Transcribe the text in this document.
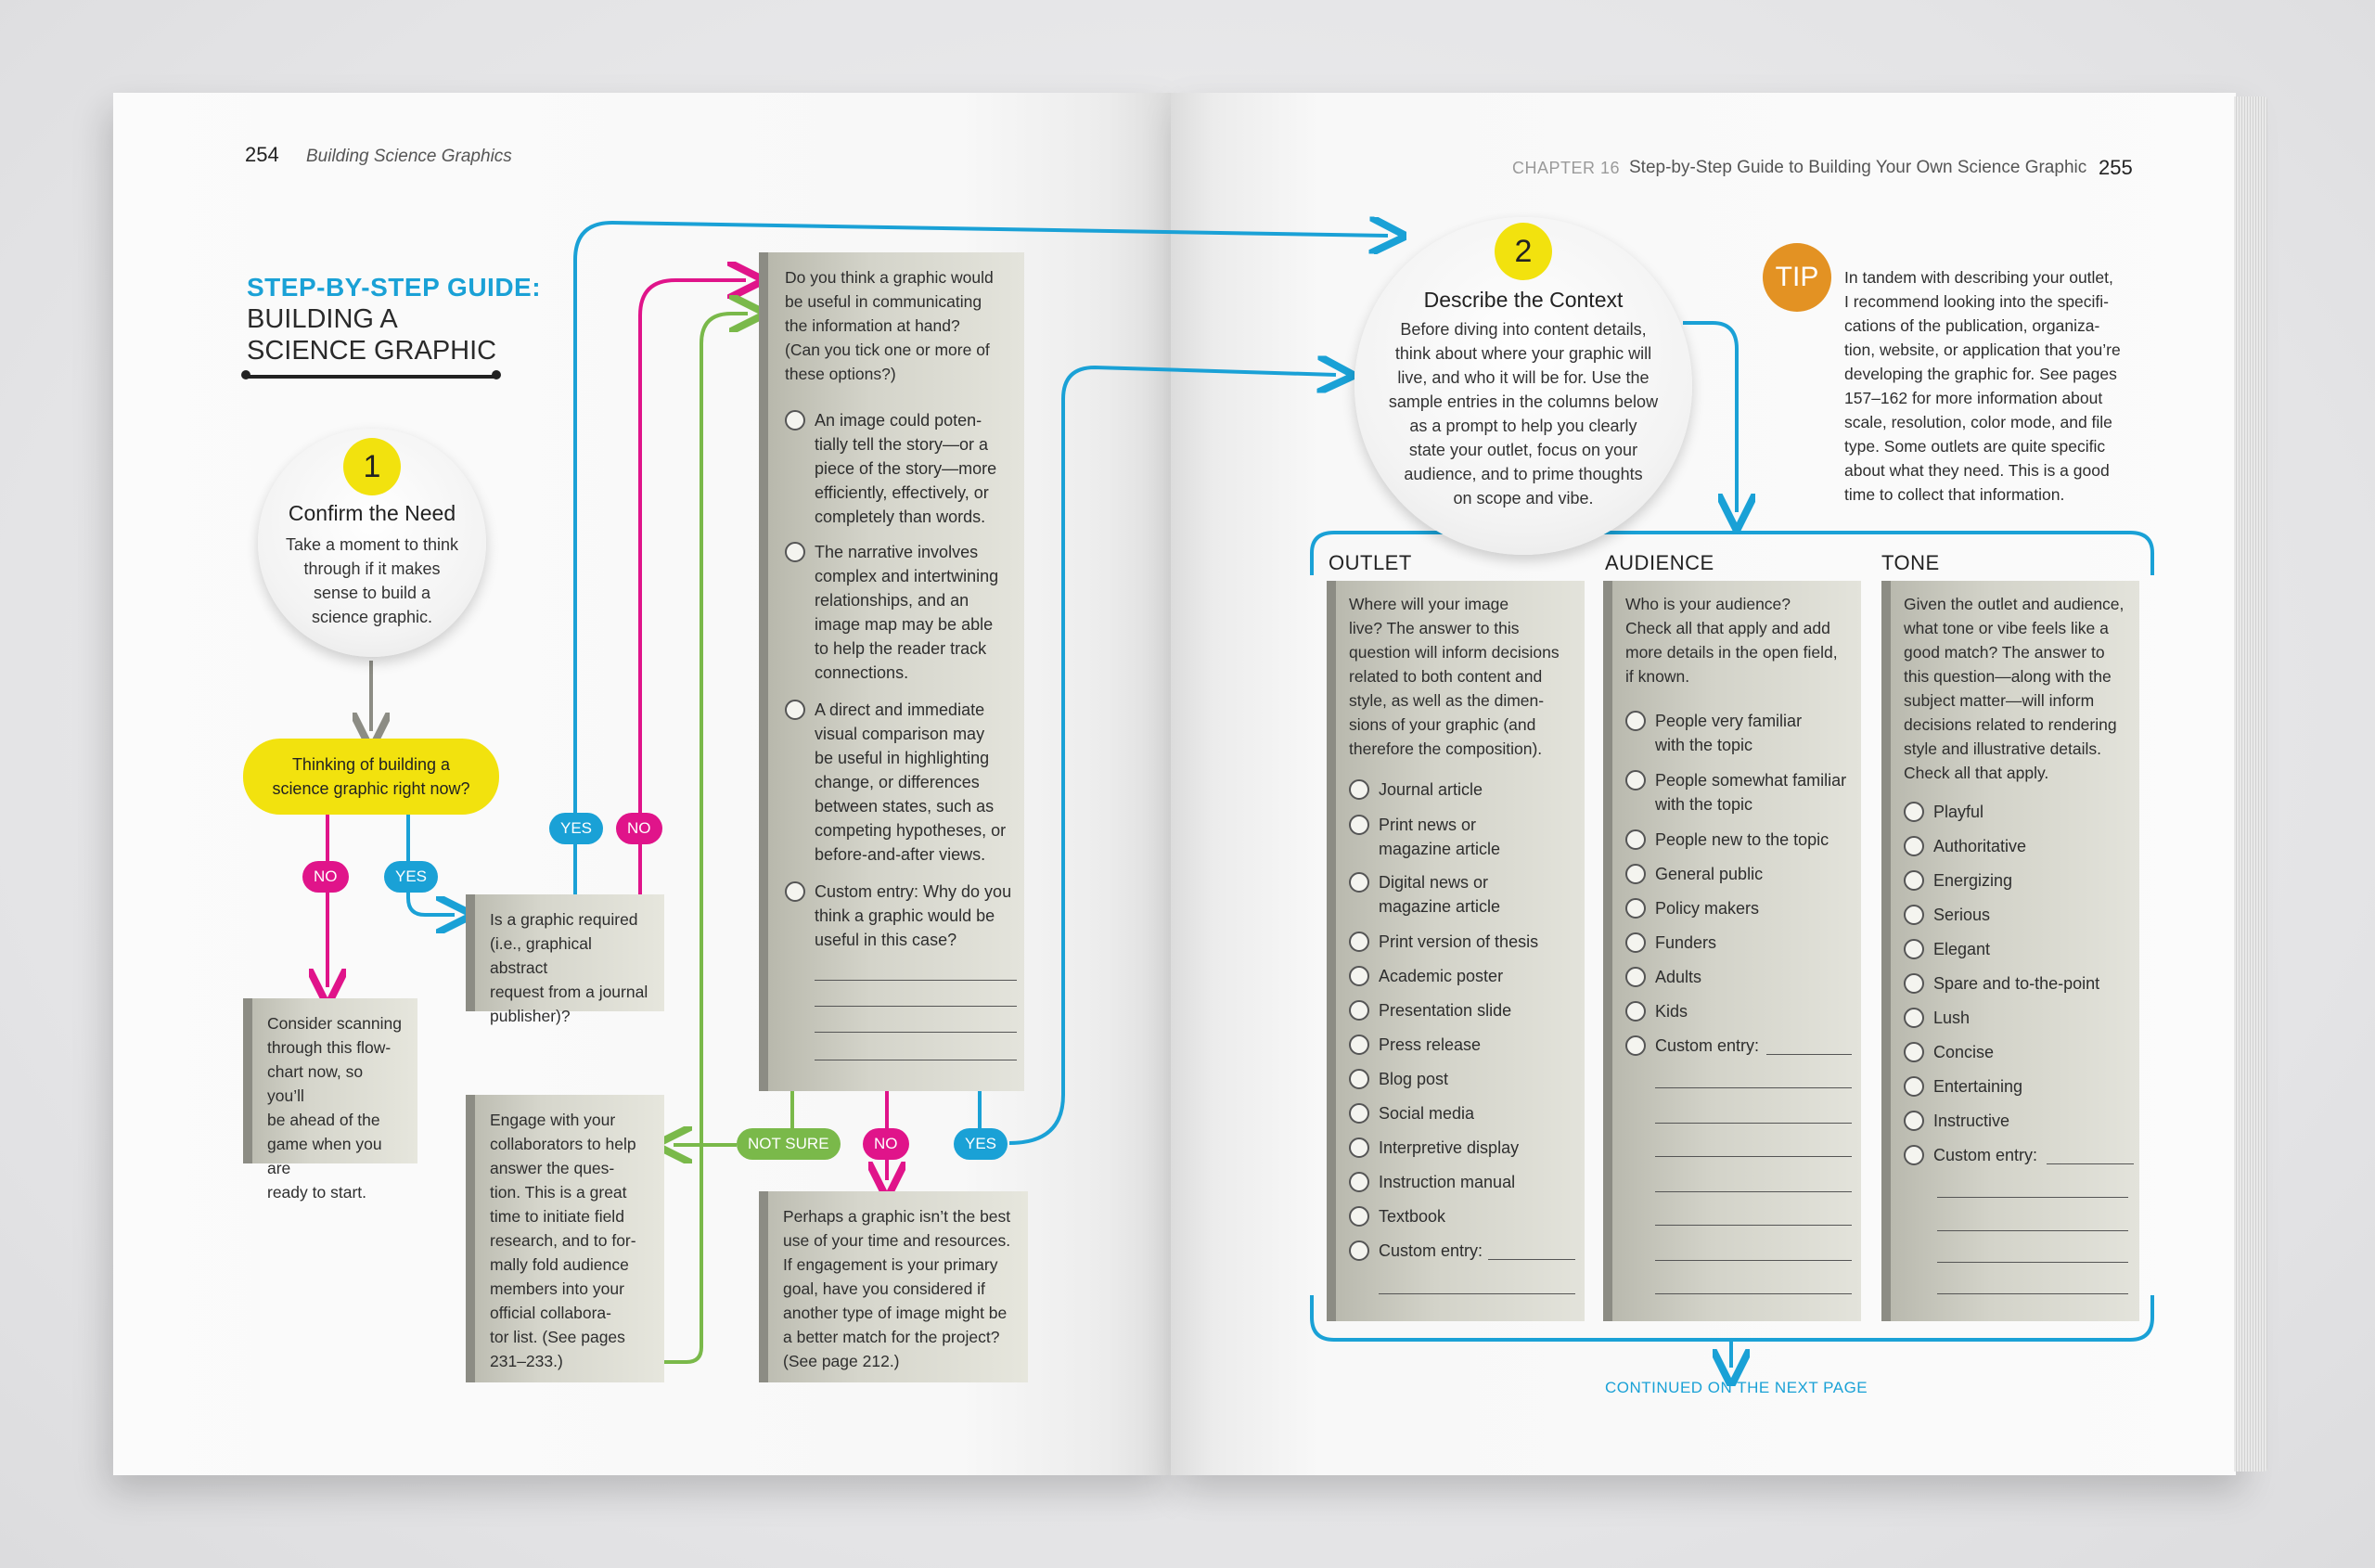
254 Building Science Graphics
STEP-BY-STEP GUIDE:
BUILDING A
SCIENCE GRAPHIC
1
Confirm the Need
Take a moment to think
through if it makes
sense to build a
science graphic.
Thinking of building a
science graphic right now?
NO	YES
YES	NO
NOT SURE	NO	YES
Consider scanning
through this flow-
chart now, so you’ll
be ahead of the
game when you are
ready to start.
Is a graphic required
(i.e., graphical abstract
request from a journal
publisher)?
Engage with your
collaborators to help
answer the ques-
tion. This is a great
time to initiate field
research, and to for-
mally fold audience
members into your
official collabora-
tor list. (See pages
231–233.)
Do you think a graphic would
be useful in communicating
the information at hand?
(Can you tick one or more of
these options?)
An image could poten-
tially tell the story—or a
piece of the story—more
efficiently, effectively, or
completely than words.
The narrative involves
complex and intertwining
relationships, and an
image map may be able
to help the reader track
connections.
A direct and immediate
visual comparison may
be useful in highlighting
change, or differences
between states, such as
competing hypotheses, or
before-and-after views.
Custom entry: Why do you
think a graphic would be
useful in this case?
Perhaps a graphic isn’t the best
use of your time and resources.
If engagement is your primary
goal, have you considered if
another type of image might be
a better match for the project?
(See page 212.)
CHAPTER 16 Step-by-Step Guide to Building Your Own Science Graphic 255
2
Describe the Context
Before diving into content details,
think about where your graphic will
live, and who it will be for. Use the
sample entries in the columns below
as a prompt to help you clearly
state your outlet, focus on your
audience, and to prime thoughts
on scope and vibe.
TIP	In tandem with describing your outlet,
I recommend looking into the specifi-
cations of the publication, organiza-
tion, website, or application that you’re
developing the graphic for. See pages
157–162 for more information about
scale, resolution, color mode, and file
type. Some outlets are quite specific
about what they need. This is a good
time to collect that information.
OUTLET	AUDIENCE	TONE
Where will your image
live? The answer to this
question will inform decisions
related to both content and
style, as well as the dimen-
sions of your graphic (and
therefore the composition).
Journal article
Print news or
magazine article
Digital news or
magazine article
Print version of thesis
Academic poster
Presentation slide
Press release
Blog post
Social media
Interpretive display
Instruction manual
Textbook
Custom entry:
Who is your audience?
Check all that apply and add
more details in the open field,
if known.
People very familiar
with the topic
People somewhat familiar
with the topic
People new to the topic
General public
Policy makers
Funders
Adults
Kids
Custom entry:
Given the outlet and audience,
what tone or vibe feels like a
good match? The answer to
this question—along with the
subject matter—will inform
decisions related to rendering
style and illustrative details.
Check all that apply.
Playful
Authoritative
Energizing
Serious
Elegant
Spare and to-the-point
Lush
Concise
Entertaining
Instructive
Custom entry:
CONTINUED ON THE NEXT PAGE
